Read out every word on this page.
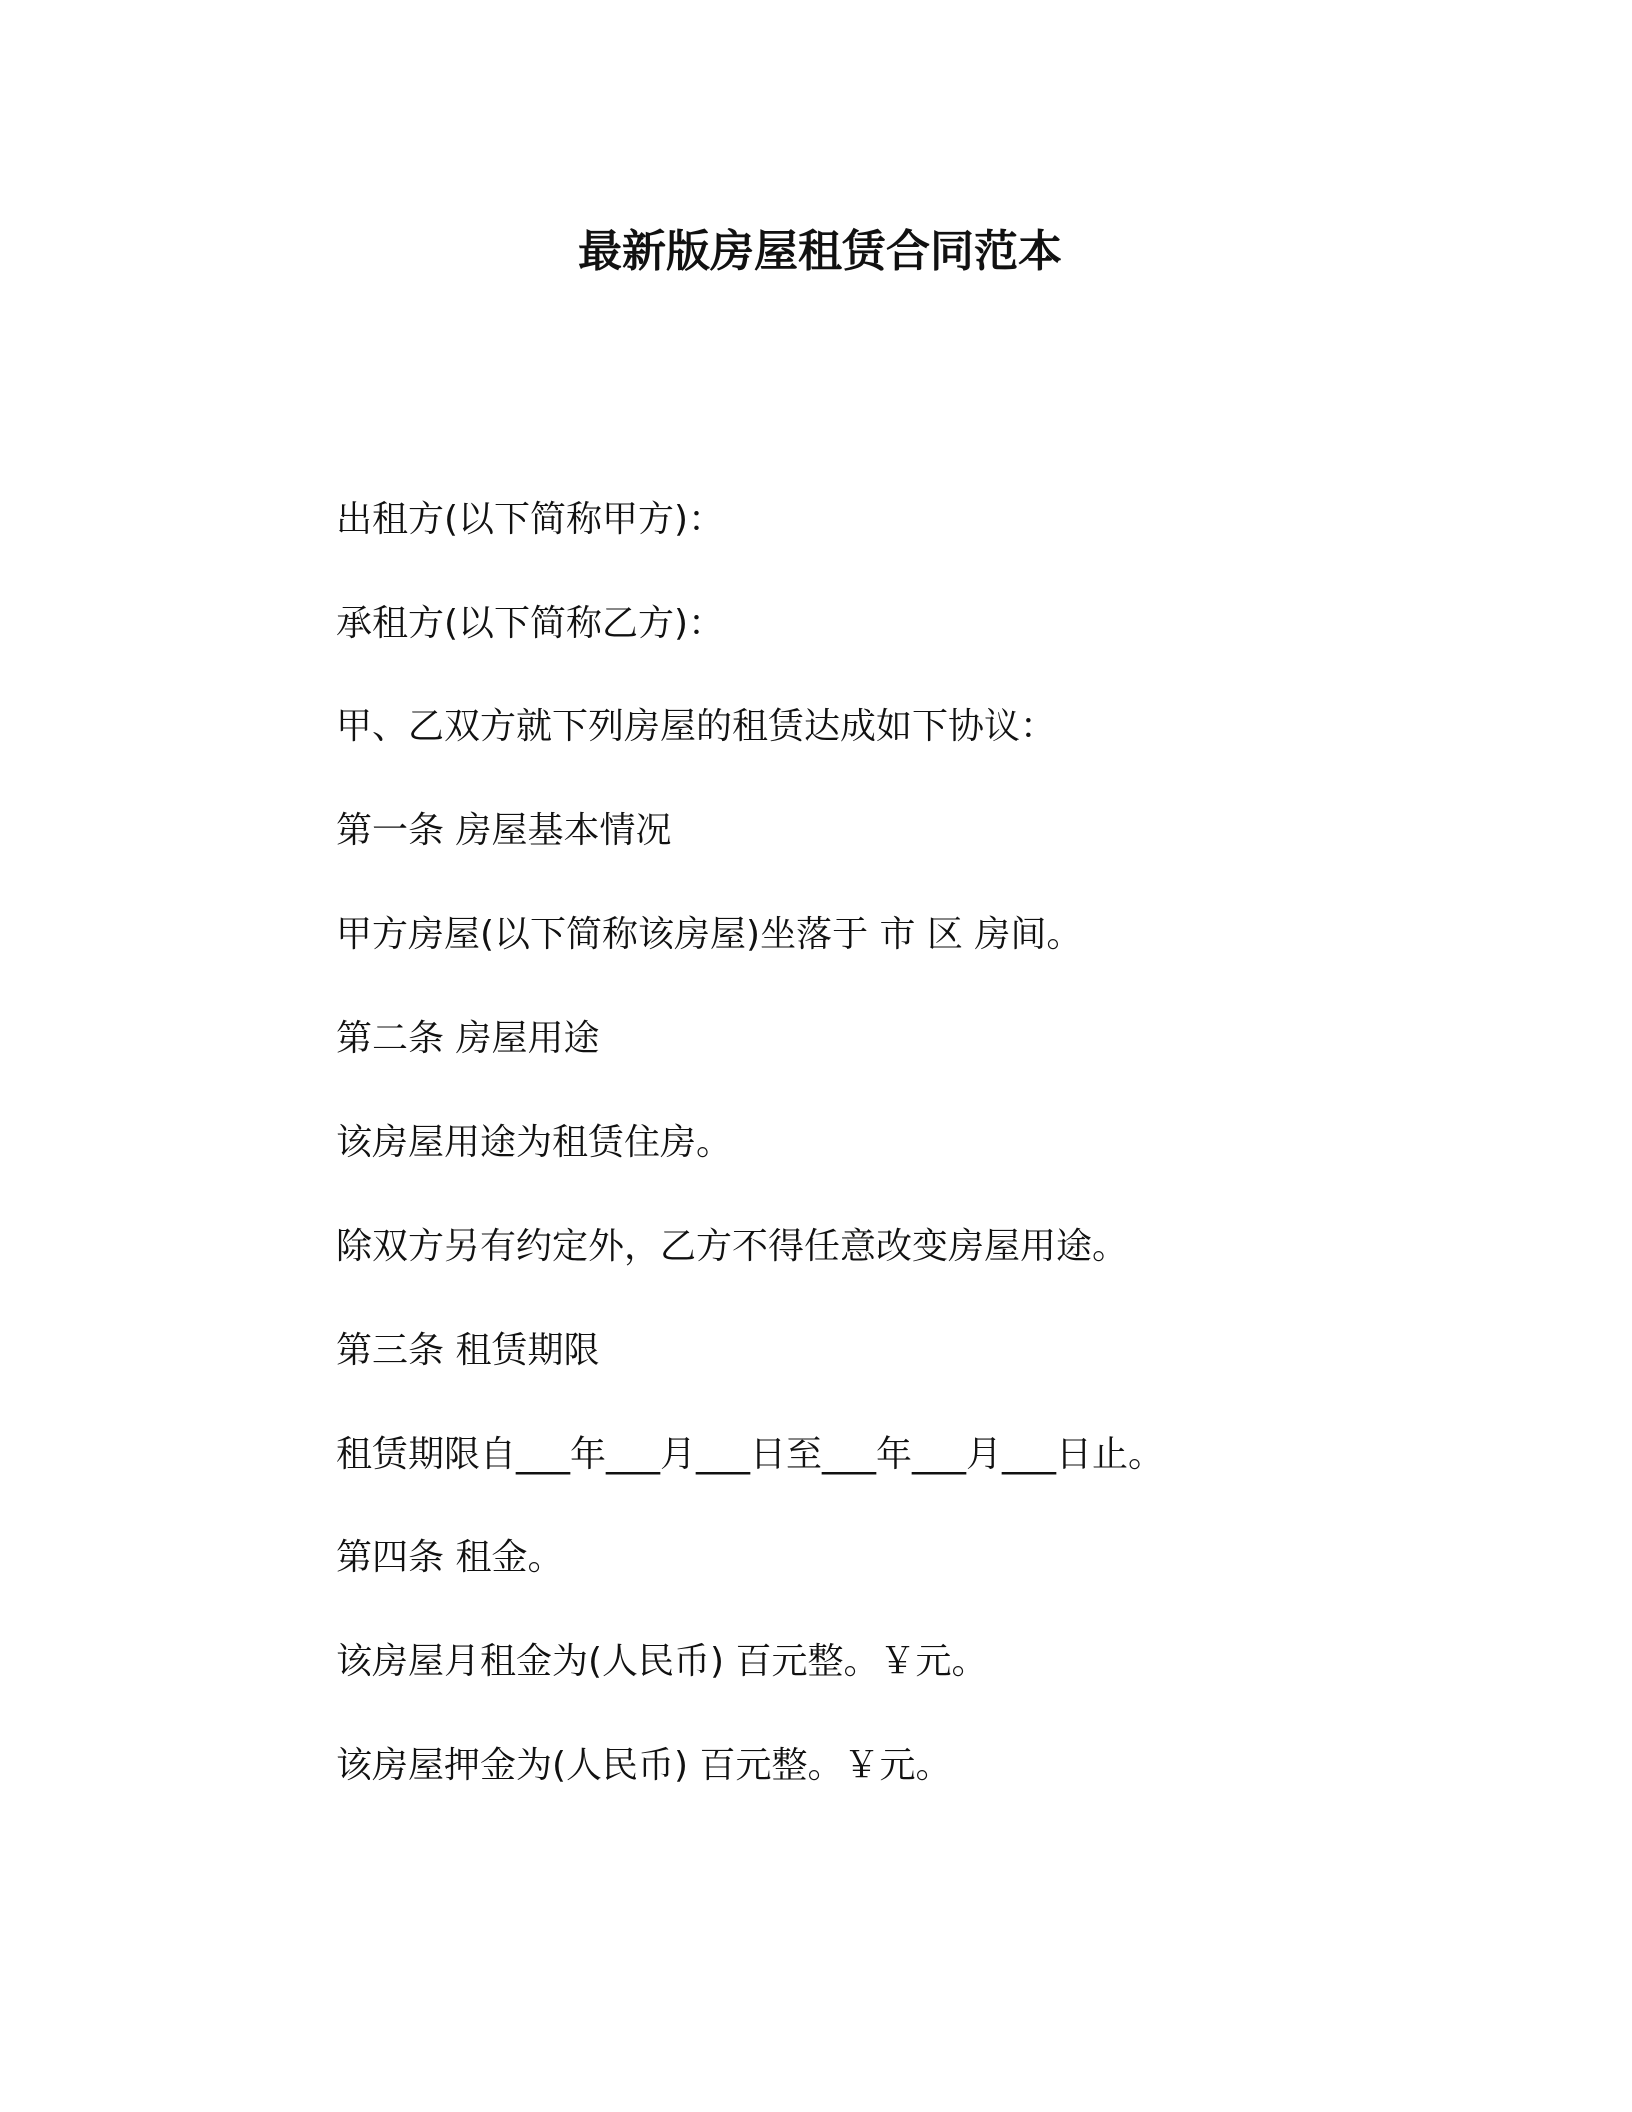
最新版房屋租赁合同范本

出租方(以下简称甲方)：

承租方(以下简称乙方)：

甲、乙双方就下列房屋的租赁达成如下协议：

第一条 房屋基本情况

甲方房屋(以下简称该房屋)坐落于 市 区 房间。

第二条 房屋用途

该房屋用途为租赁住房。

除双方另有约定外，乙方不得任意改变房屋用途。

第三条 租赁期限

租赁期限自___年___月___日至___年___月___日止。

第四条 租金。

该房屋月租金为(人民币) 百元整。￥元。

该房屋押金为(人民币) 百元整。￥元。
